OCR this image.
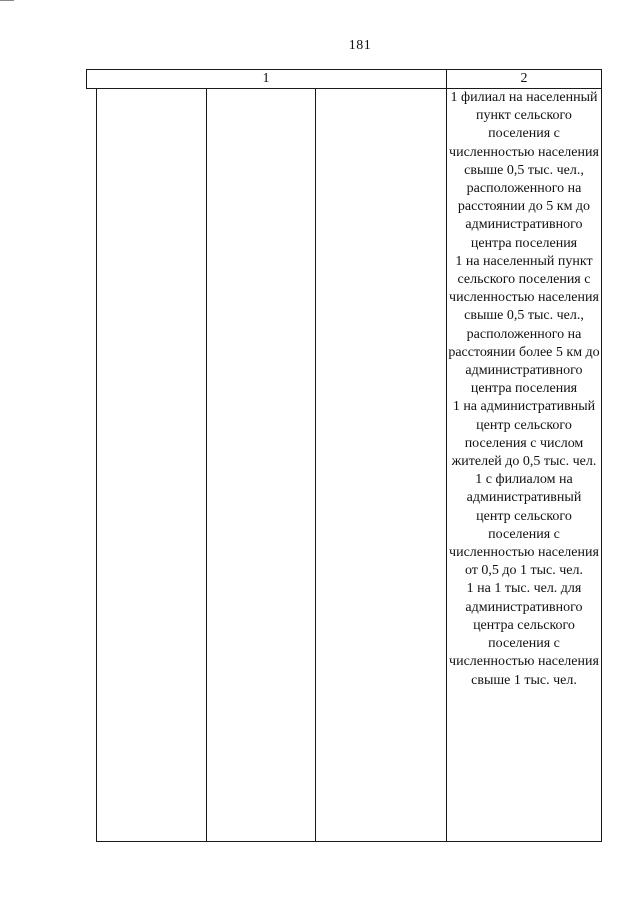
181
1	2

1 филиал на населенный пункт сельского поселения с численностью населения свыше 0,5 тыс. чел., расположенного на расстоянии до 5 км до административного центра поселения

1 на населенный пункт сельского поселения с численностью населения свыше 0,5 тыс. чел., расположенного на расстоянии более 5 км до административного центра поселения

1 на административный центр сельского поселения с числом жителей до 0,5 тыс. чел.

1 с филиалом на административный центр сельского поселения с численностью населения от 0,5 до 1 тыс. чел.

1 на 1 тыс. чел. для административного центра сельского поселения с численностью населения свыше 1 тыс. чел.
